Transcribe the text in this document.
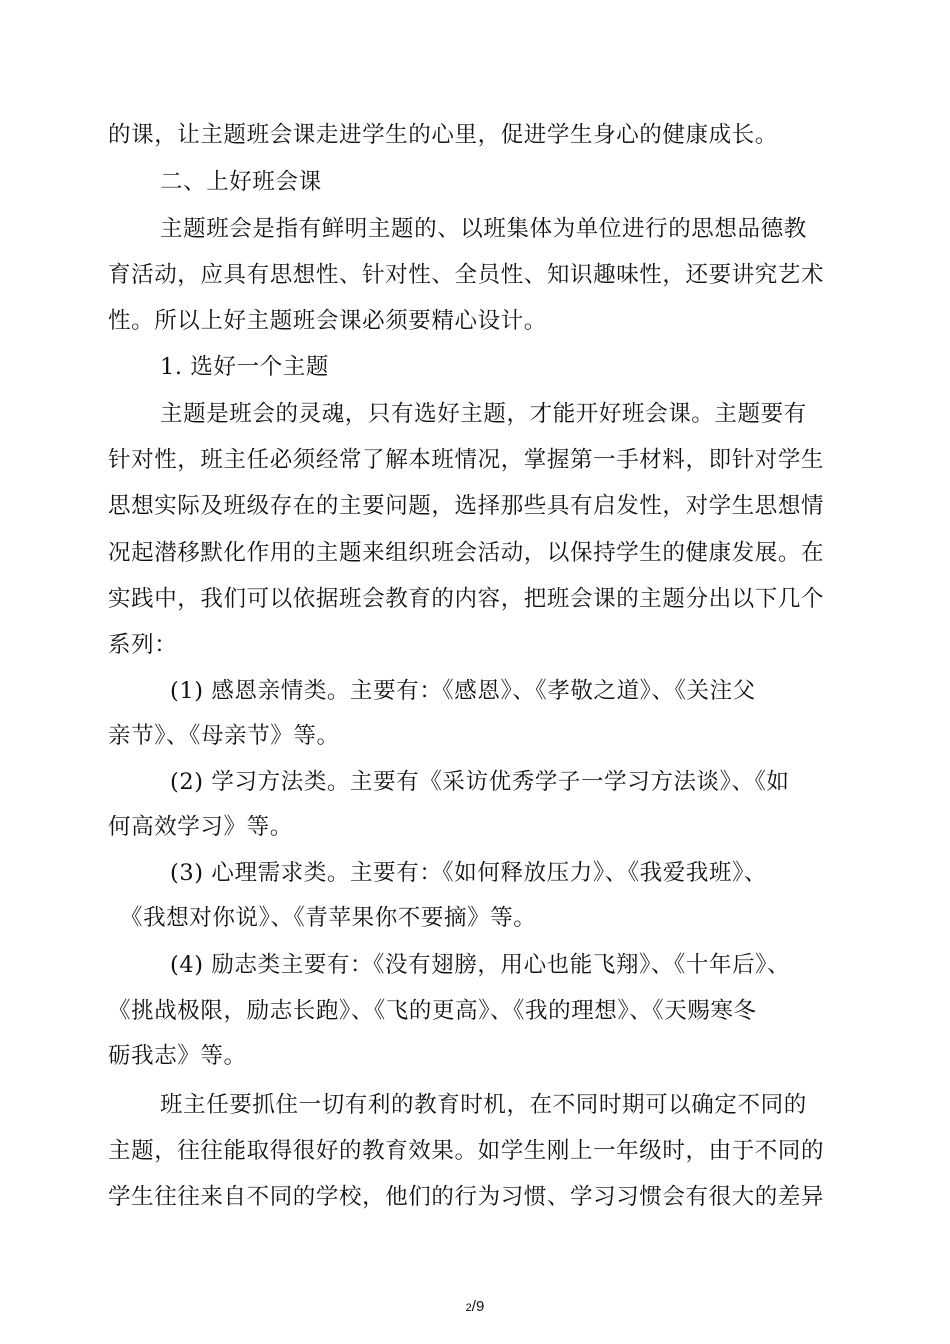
的课，让主题班会课走进学生的心里，促进学生身心的健康成长。
二、上好班会课
主题班会是指有鲜明主题的、以班集体为单位进行的思想品德教
育活动，应具有思想性、针对性、全员性、知识趣味性，还要讲究艺术
性。所以上好主题班会课必须要精心设计。
1. 选好一个主题
主题是班会的灵魂，只有选好主题，才能开好班会课。主题要有
针对性，班主任必须经常了解本班情况，掌握第一手材料，即针对学生
思想实际及班级存在的主要问题，选择那些具有启发性，对学生思想情
况起潜移默化作用的主题来组织班会活动，以保持学生的健康发展。在
实践中，我们可以依据班会教育的内容，把班会课的主题分出以下几个
系列：
(1) 感恩亲情类。主要有：《感恩》、《孝敬之道》、《关注父
亲节》、《母亲节》等。
(2) 学习方法类。主要有《采访优秀学子一学习方法谈》、《如
何高效学习》等。
(3) 心理需求类。主要有：《如何释放压力》、《我爱我班》、
《我想对你说》、《青苹果你不要摘》等。
(4) 励志类主要有：《没有翅膀，用心也能飞翔》、《十年后》、
《挑战极限，励志长跑》、《飞的更高》、《我的理想》、《天赐寒冬
砺我志》等。
班主任要抓住一切有利的教育时机，在不同时期可以确定不同的
主题，往往能取得很好的教育效果。如学生刚上一年级时，由于不同的
学生往往来自不同的学校，他们的行为习惯、学习习惯会有很大的差异
2/9
